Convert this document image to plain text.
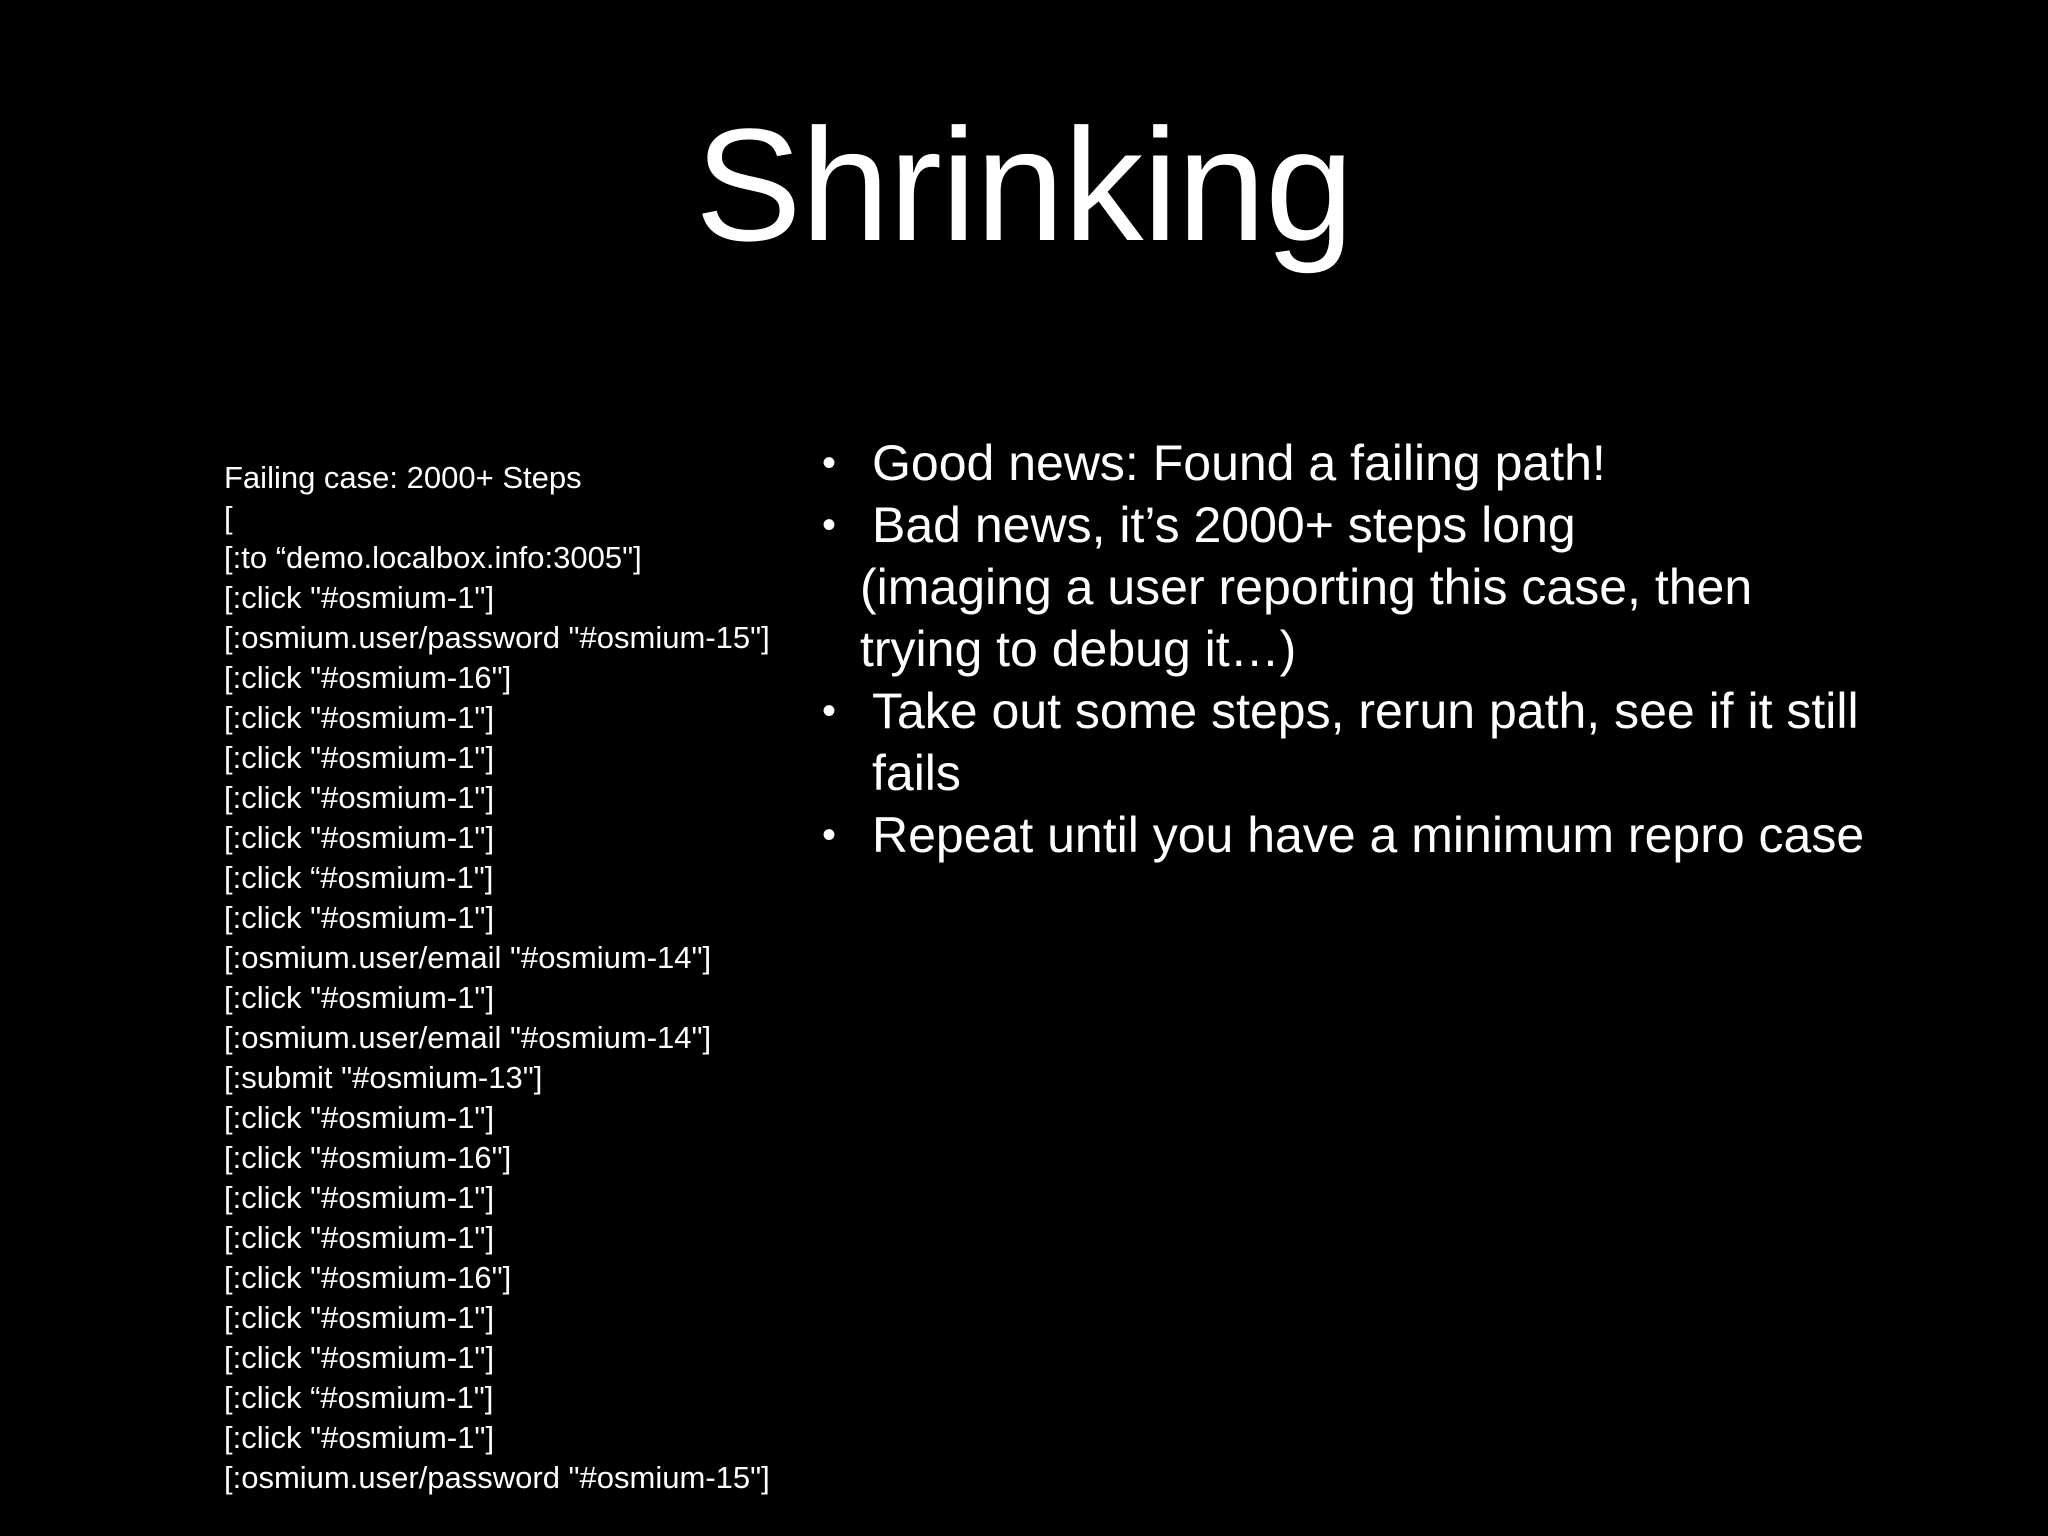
Shrinking
Failing case: 2000+ Steps
[
[:to “demo.localbox.info:3005"]
[:click "#osmium-1"]
[:osmium.user/password "#osmium-15"]
[:click "#osmium-16"]
[:click "#osmium-1"]
[:click "#osmium-1"]
[:click "#osmium-1"]
[:click "#osmium-1"]
[:click “#osmium-1"]
[:click "#osmium-1"]
[:osmium.user/email "#osmium-14"]
[:click "#osmium-1"]
[:osmium.user/email "#osmium-14"]
[:submit "#osmium-13"]
[:click "#osmium-1"]
[:click "#osmium-16"]
[:click "#osmium-1"]
[:click "#osmium-1"]
[:click "#osmium-16"]
[:click "#osmium-1"]
[:click "#osmium-1"]
[:click “#osmium-1"]
[:click "#osmium-1"]
[:osmium.user/password "#osmium-15"]
• Good news: Found a failing path!
• Bad news, it’s 2000+ steps long
(imaging a user reporting this case, then
trying to debug it…)
• Take out some steps, rerun path, see if it still
fails
• Repeat until you have a minimum repro case
